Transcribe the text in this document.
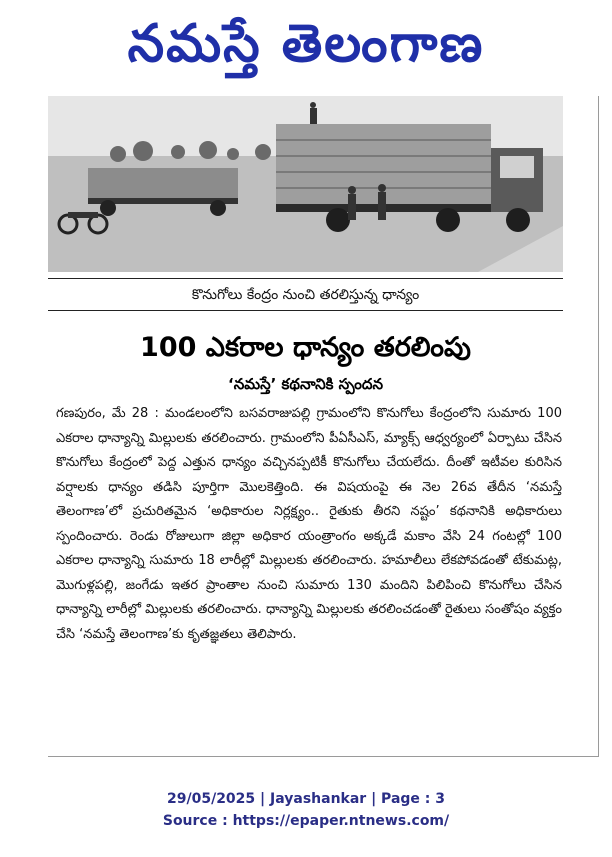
నమస్తే తెలంగాణ
కొనుగోలు కేంద్రం నుంచి తరలిస్తున్న ధాన్యం
100 ఎకరాల ధాన్యం తరలింపు
‘నమస్తే’ కథనానికి స్పందన
గణపురం, మే 28 : మండలంలోని బసవరాజుపల్లి గ్రామంలోని కొనుగోలు కేంద్రంలోని సుమారు 100 ఎకరాల ధాన్యాన్ని మిల్లులకు తరలించారు. గ్రామంలోని పీఏసీఎస్, మ్యాక్స్ ఆధ్వర్యంలో ఏర్పాటు చేసిన కొనుగోలు కేంద్రంలో పెద్ద ఎత్తున ధాన్యం వచ్చినప్పటికీ కొనుగోలు చేయలేదు. దీంతో ఇటీవల కురిసిన వర్షాలకు ధాన్యం తడిసి పూర్తిగా మొలకెత్తింది. ఈ విషయంపై ఈ నెల 26వ తేదీన ‘నమస్తే తెలంగాణ’లో ప్రచురితమైన ‘అధికారుల నిర్లక్ష్యం.. రైతుకు తీరని నష్టం’ కథనానికి అధికారులు స్పందించారు. రెండు రోజులుగా జిల్లా అధికార యంత్రాంగం అక్కడే మకాం వేసి 24 గంటల్లో 100 ఎకరాల ధాన్యాన్ని సుమారు 18 లారీల్లో మిల్లులకు తరలించారు. హమాలీలు లేకపోవడంతో టేకుమట్ల, మొగుళ్లపల్లి, జంగేడు ఇతర ప్రాంతాల నుంచి సుమారు 130 మందిని పిలిపించి కొనుగోలు చేసిన ధాన్యాన్ని లారీల్లో మిల్లులకు తరలించారు. ధాన్యాన్ని మిల్లులకు తరలించడంతో రైతులు సంతోషం వ్యక్తం చేసి ‘నమస్తే తెలంగాణ’కు కృతజ్ఞతలు తెలిపారు.
29/05/2025 | Jayashankar | Page : 3
Source : https://epaper.ntnews.com/
